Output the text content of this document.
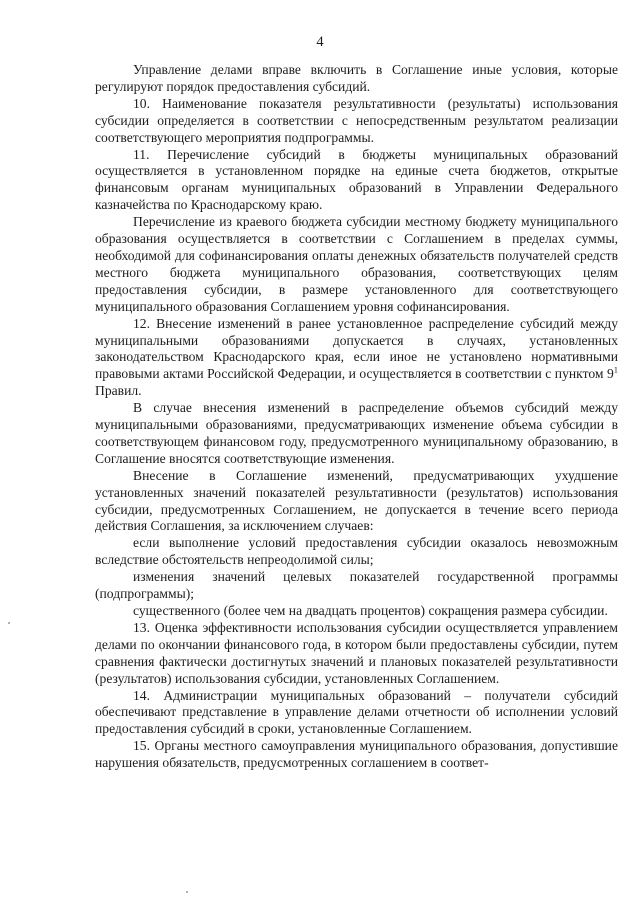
4

Управление делами вправе включить в Соглашение иные условия, которые регулируют порядок предоставления субсидий.

10. Наименование показателя результативности (результаты) использования субсидии определяется в соответствии с непосредственным результатом реализации соответствующего мероприятия подпрограммы.

11. Перечисление субсидий в бюджеты муниципальных образований осуществляется в установленном порядке на единые счета бюджетов, открытые финансовым органам муниципальных образований в Управлении Федерального казначейства по Краснодарскому краю.

Перечисление из краевого бюджета субсидии местному бюджету муниципального образования осуществляется в соответствии с Соглашением в пределах суммы, необходимой для софинансирования оплаты денежных обязательств получателей средств местного бюджета муниципального образования, соответствующих целям предоставления субсидии, в размере установленного для соответствующего муниципального образования Соглашением уровня софинансирования.

12. Внесение изменений в ранее установленное распределение субсидий между муниципальными образованиями допускается в случаях, установленных законодательством Краснодарского края, если иное не установлено нормативными правовыми актами Российской Федерации, и осуществляется в соответствии с пунктом $9^1$ Правил.

В случае внесения изменений в распределение объемов субсидий между муниципальными образованиями, предусматривающих изменение объема субсидии в соответствующем финансовом году, предусмотренного муниципальному образованию, в Соглашение вносятся соответствующие изменения.

Внесение в Соглашение изменений, предусматривающих ухудшение установленных значений показателей результативности (результатов) использования субсидии, предусмотренных Соглашением, не допускается в течение всего периода действия Соглашения, за исключением случаев:

если выполнение условий предоставления субсидии оказалось невозможным вследствие обстоятельств непреодолимой силы;

изменения значений целевых показателей государственной программы (подпрограммы);

существенного (более чем на двадцать процентов) сокращения размера субсидии.

13. Оценка эффективности использования субсидии осуществляется управлением делами по окончании финансового года, в котором были предоставлены субсидии, путем сравнения фактически достигнутых значений и плановых показателей результативности (результатов) использования субсидии, установленных Соглашением.

14. Администрации муниципальных образований – получатели субсидий обеспечивают представление в управление делами отчетности об исполнении условий предоставления субсидий в сроки, установленные Соглашением.

15. Органы местного самоуправления муниципального образования, допустившие нарушения обязательств, предусмотренных соглашением в соответ-
